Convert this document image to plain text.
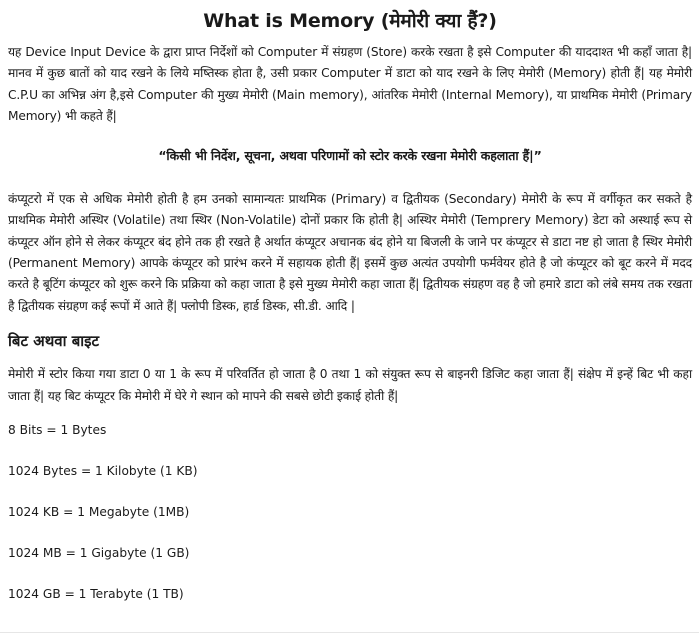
What is Memory (मेमोरी क्या हैं?)

यह Device Input Device के द्वारा प्राप्त निर्देशों को Computer में संग्रहण (Store) करके रखता है इसे Computer की याददाश्त भी कहाँ जाता है| मानव में कुछ बातों को याद रखने के लिये मष्तिस्क होता है, उसी प्रकार Computer में डाटा को याद रखने के लिए मेमोरी (Memory) होती हैं| यह मेमोरी C.P.U का अभिन्न अंग है,इसे Computer की मुख्य मेमोरी (Main memory), आंतरिक मेमोरी (Internal Memory), या प्राथमिक मेमोरी (Primary Memory) भी कहते हैं|

“किसी भी निर्देश, सूचना, अथवा परिणामों को स्टोर करके रखना मेमोरी कहलाता हैं|”

कंप्यूटरो में एक से अधिक मेमोरी होती है हम उनको सामान्यतः प्राथमिक (Primary) व द्वितीयक (Secondary) मेमोरी के रूप में वर्गीकृत कर सकते है प्राथमिक मेमोरी अस्थिर (Volatile) तथा स्थिर (Non-Volatile) दोनों प्रकार कि होती है| अस्थिर मेमोरी (Temprery Memory) डेटा को अस्थाई रूप से कंप्यूटर ऑन होने से लेकर कंप्यूटर बंद होने तक ही रखते है अर्थात कंप्यूटर अचानक बंद होने या बिजली के जाने पर कंप्यूटर से डाटा नष्ट हो जाता है स्थिर मेमोरी (Permanent Memory) आपके कंप्यूटर को प्रारंभ करने में सहायक होती हैं| इसमें कुछ अत्यंत उपयोगी फर्मवेयर होते है जो कंप्यूटर को बूट करने में मदद करते है बूटिंग कंप्यूटर को शुरू करने कि प्रक्रिया को कहा जाता है इसे मुख्य मेमोरी कहा जाता हैं| द्वितीयक संग्रहण वह है जो हमारे डाटा को लंबे समय तक रखता है द्वितीयक संग्रहण कई रूपों में आते हैं| फ्लोपी डिस्क, हार्ड डिस्क, सी.डी. आदि |

बिट अथवा बाइट

मेमोरी में स्टोर किया गया डाटा 0 या 1 के रूप में परिवर्तित हो जाता है 0 तथा 1 को संयुक्त रूप से बाइनरी डिजिट कहा जाता हैं| संक्षेप में इन्हें बिट भी कहा जाता हैं| यह बिट कंप्यूटर कि मेमोरी में घेरे गे स्थान को मापने की सबसे छोटी इकाई होती हैं|

8 Bits = 1 Bytes
1024 Bytes = 1 Kilobyte (1 KB)
1024 KB = 1 Megabyte (1MB)
1024 MB = 1 Gigabyte (1 GB)
1024 GB = 1 Terabyte (1 TB)
